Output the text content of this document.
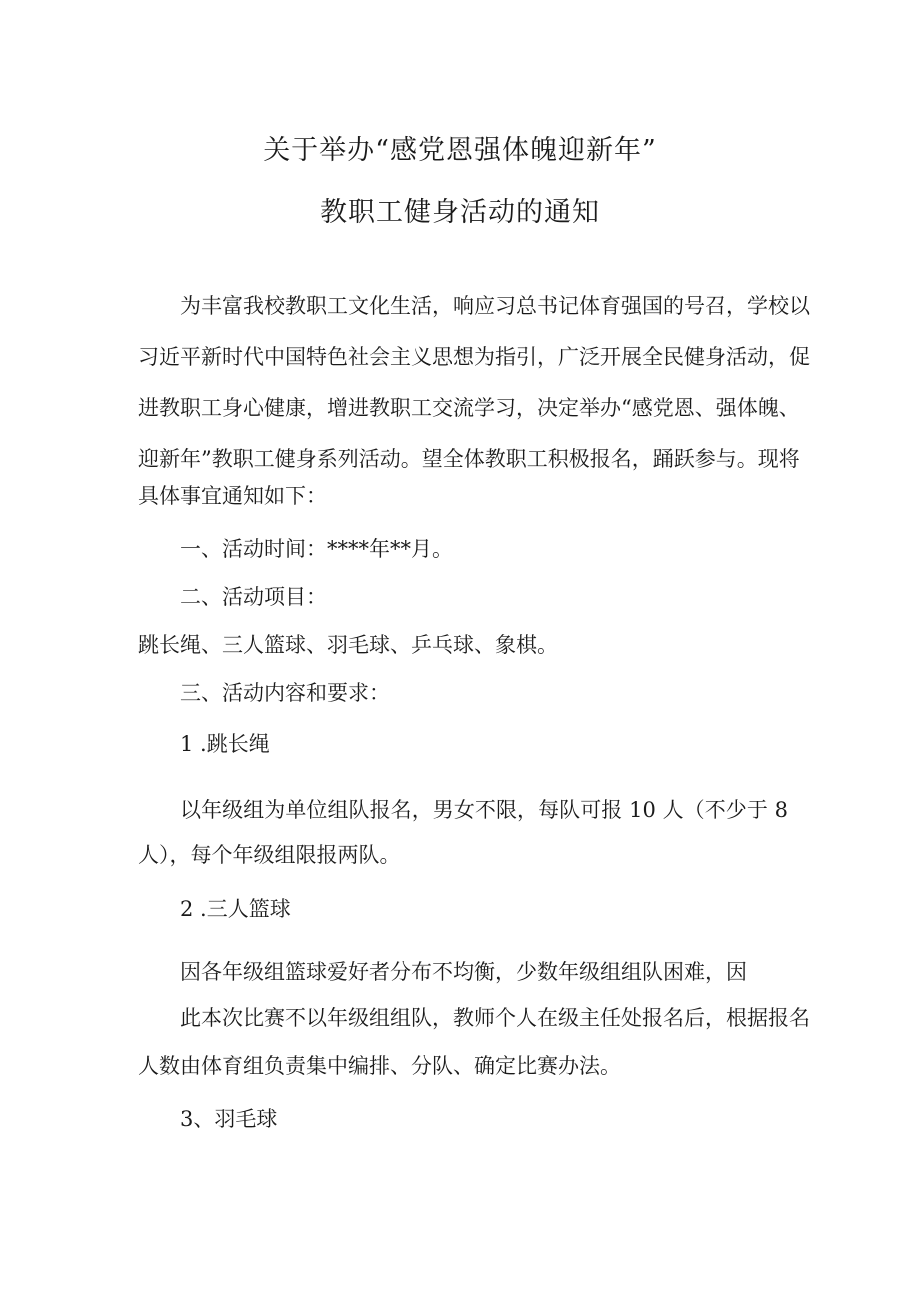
关于举办“感党恩强体魄迎新年”
教职工健身活动的通知
为丰富我校教职工文化生活，响应习总书记体育强国的号召，学校以
习近平新时代中国特色社会主义思想为指引，广泛开展全民健身活动，促
进教职工身心健康，增进教职工交流学习，决定举办“感党恩、强体魄、
迎新年”教职工健身系列活动。望全体教职工积极报名，踊跃参与。现将
具体事宜通知如下：
一、活动时间：****年**月。
二、活动项目：
跳长绳、三人篮球、羽毛球、乒乓球、象棋。
三、活动内容和要求：
1 .跳长绳
以年级组为单位组队报名，男女不限，每队可报 10 人（不少于 8
人），每个年级组限报两队。
2 .三人篮球
因各年级组篮球爱好者分布不均衡，少数年级组组队困难，因
此本次比赛不以年级组组队，教师个人在级主任处报名后，根据报名
人数由体育组负责集中编排、分队、确定比赛办法。
3、羽毛球
